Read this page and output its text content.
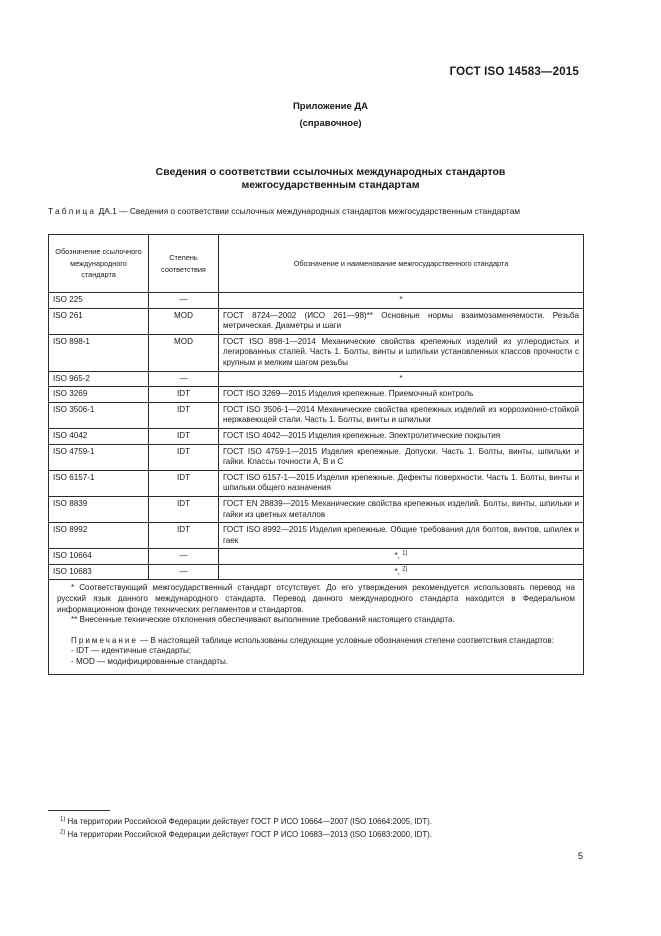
ГОСТ ISO 14583—2015
Приложение ДА
(справочное)
Сведения о соответствии ссылочных международных стандартов
межгосударственным стандартам
Таблица ДА.1 — Сведения о соответствии ссылочных международных стандартов межгосударственным стандартам
Обозначение ссылочного международного стандарта	Степень соответствия	Обозначение и наименование межгосударственного стандарта
ISO 225	—	*
ISO 261	MOD	ГОСТ 8724—2002 (ИСО 261—98)** Основные нормы взаимозаменяемости. Резьба метрическая. Диаметры и шаги
ISO 898-1	MOD	ГОСТ ISO 898-1—2014 Механические свойства крепежных изделий из углеродистых и легированных сталей. Часть 1. Болты, винты и шпильки установленных классов прочности с крупным и мелким шагом резьбы
ISO 965-2	—	*
ISO 3269	IDT	ГОСТ ISO 3269—2015 Изделия крепежные. Приемочный контроль
ISO 3506-1	IDT	ГОСТ ISO 3506-1—2014 Механические свойства крепежных изделий из коррозионно-стойкой нержавеющей стали. Часть 1. Болты, винты и шпильки
ISO 4042	IDT	ГОСТ ISO 4042—2015 Изделия крепежные. Электролитические покрытия
ISO 4759-1	IDT	ГОСТ ISO 4759-1—2015 Изделия крепежные. Допуски. Часть 1. Болты, винты, шпильки и гайки. Классы точности А, В и С
ISO 6157-1	IDT	ГОСТ ISO 6157-1—2015 Изделия крепежные. Дефекты поверхности. Часть 1. Болты, винты и шпильки общего назначения
ISO 8839	IDT	ГОСТ EN 28839—2015 Механические свойства крепежных изделий. Болты, винты, шпильки и гайки из цветных металлов
ISO 8992	IDT	ГОСТ ISO 8992—2015 Изделия крепежные. Общие требования для болтов, винтов, шпилек и гаек
ISO 10664	—	*, $^{1)}$
ISO 10683	—	*, $^{2)}$

* Соответствующий межгосударственный стандарт отсутствует. До его утверждения рекомендуется использовать перевод на русский язык данного международного стандарта. Перевод данного международного стандарта находится в Федеральном информационном фонде технических регламентов и стандартов.

** Внесенные технические отклонения обеспечивают выполнение требований настоящего стандарта.

Примечание — В настоящей таблице использованы следующие условные обозначения степени соответствия стандартов:

- IDT — идентичные стандарты;

- MOD — модифицированные стандарты.		

$^{1)}$ На территории Российской Федерации действует ГОСТ Р ИСО 10664—2007 (ISO 10664:2005, IDT).
$^{2)}$ На территории Российской Федерации действует ГОСТ Р ИСО 10683—2013 (ISO 10683:2000, IDT).
5
